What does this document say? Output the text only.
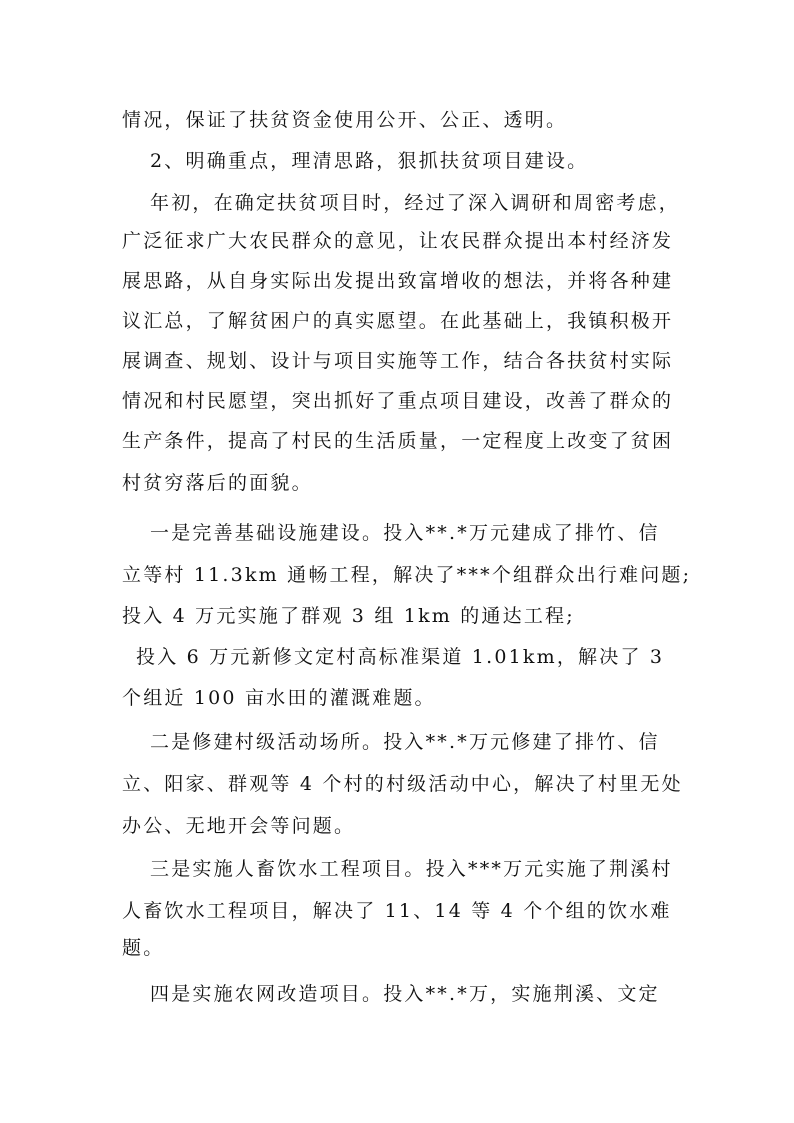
情况，保证了扶贫资金使用公开、公正、透明。
2、明确重点，理清思路，狠抓扶贫项目建设。
年初，在确定扶贫项目时，经过了深入调研和周密考虑，
广泛征求广大农民群众的意见，让农民群众提出本村经济发
展思路，从自身实际出发提出致富增收的想法，并将各种建
议汇总，了解贫困户的真实愿望。在此基础上，我镇积极开
展调查、规划、设计与项目实施等工作，结合各扶贫村实际
情况和村民愿望，突出抓好了重点项目建设，改善了群众的
生产条件，提高了村民的生活质量，一定程度上改变了贫困
村贫穷落后的面貌。
一是完善基础设施建设。投入**.*万元建成了排竹、信
立等村 11.3km 通畅工程，解决了***个组群众出行难问题;
投入 4 万元实施了群观 3 组 1km 的通达工程;
投入 6 万元新修文定村高标准渠道 1.01km，解决了 3
个组近 100 亩水田的灌溉难题。
二是修建村级活动场所。投入**.*万元修建了排竹、信
立、阳家、群观等 4 个村的村级活动中心，解决了村里无处
办公、无地开会等问题。
三是实施人畜饮水工程项目。投入***万元实施了荆溪村
人畜饮水工程项目，解决了 11、14 等 4 个个组的饮水难
题。
四是实施农网改造项目。投入**.*万，实施荆溪、文定
